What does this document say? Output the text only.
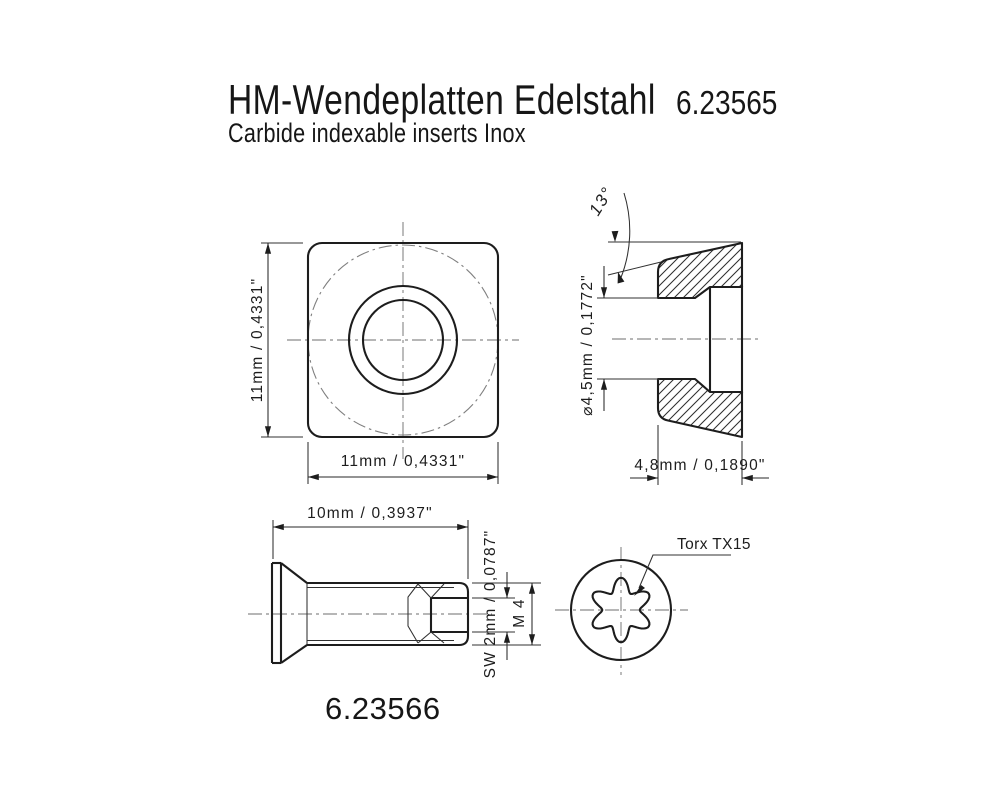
HM-Wendeplatten Edelstahl 6.23565
Carbide indexable inserts Inox
11mm / 0,4331"
11mm / 0,4331"
13°
⌀4,5mm / 0,1772"
4,8mm / 0,1890"
10mm / 0,3937"
SW 2mm / 0,0787" M 4
6.23566
Torx TX15
